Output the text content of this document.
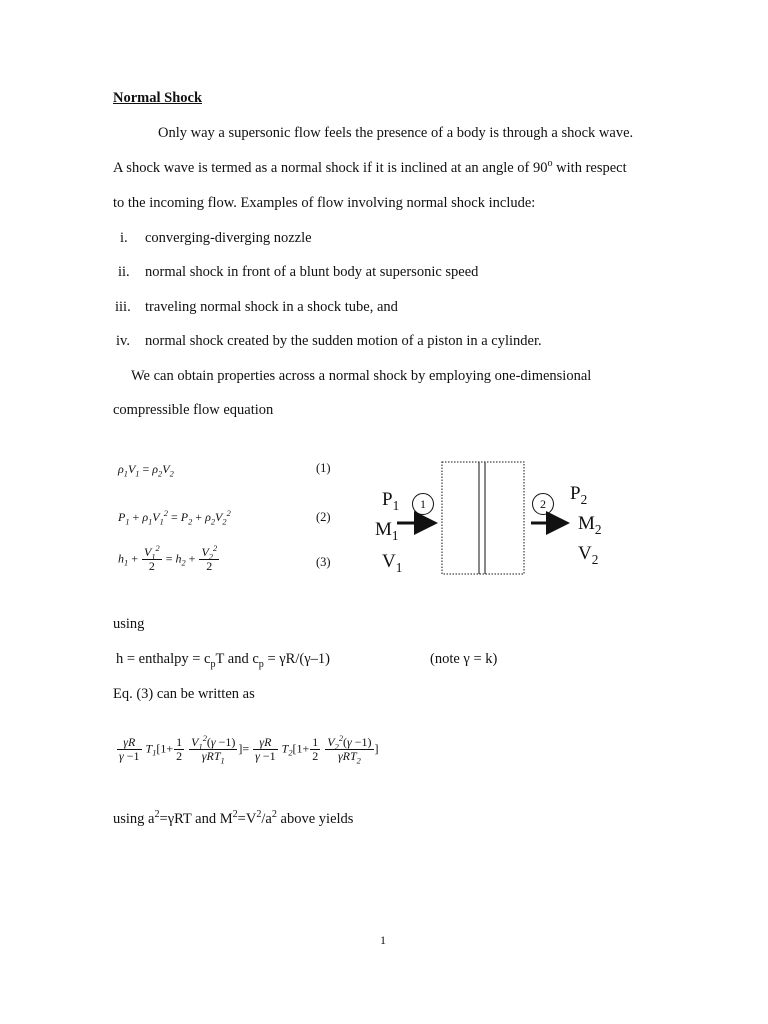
Normal Shock
Only way a supersonic flow feels the presence of a body is through a shock wave.
A shock wave is termed as a normal shock if it is inclined at an angle of 90$^o$ with respect
to the incoming flow. Examples of flow involving normal shock include:
i. converging-diverging nozzle
ii. normal shock in front of a blunt body at supersonic speed
iii. traveling normal shock in a shock tube, and
iv. normal shock created by the sudden motion of a piston in a cylinder.
We can obtain properties across a normal shock by employing one-dimensional
compressible flow equation
$\rho_1V_1 = \rho_2V_2$	(1)
$P_1 + \rho_1V_1^2 = P_2 + \rho_2V_2^2$	(2)
$h_1 + \frac{V_1^2}{2} = h_2 + \frac{V_2^2}{2}$	(3)
$P_1$
$M_1$
$V_1$
1	2	$P_2$
$M_2$
$V_2$
using
h = enthalpy = $c_pT$ and $c_p = \gamma R/(\gamma-1)$	(note γ = k)
Eq. (3) can be written as
$\frac{\gamma R}{\gamma -1} T_1[1+ \frac{1}{2}$
$\frac{V_1^2(\gamma -1)}{\gamma RT_1}$ ]= $\frac{\gamma R}{\gamma -1} T_2[1+ \frac{1}{2}$
$\frac{V_2^2(\gamma -1)}{\gamma RT_2}$ ]
using $a^2=\gamma RT$ and $M^2=V^2/a^2$ above yields
1
